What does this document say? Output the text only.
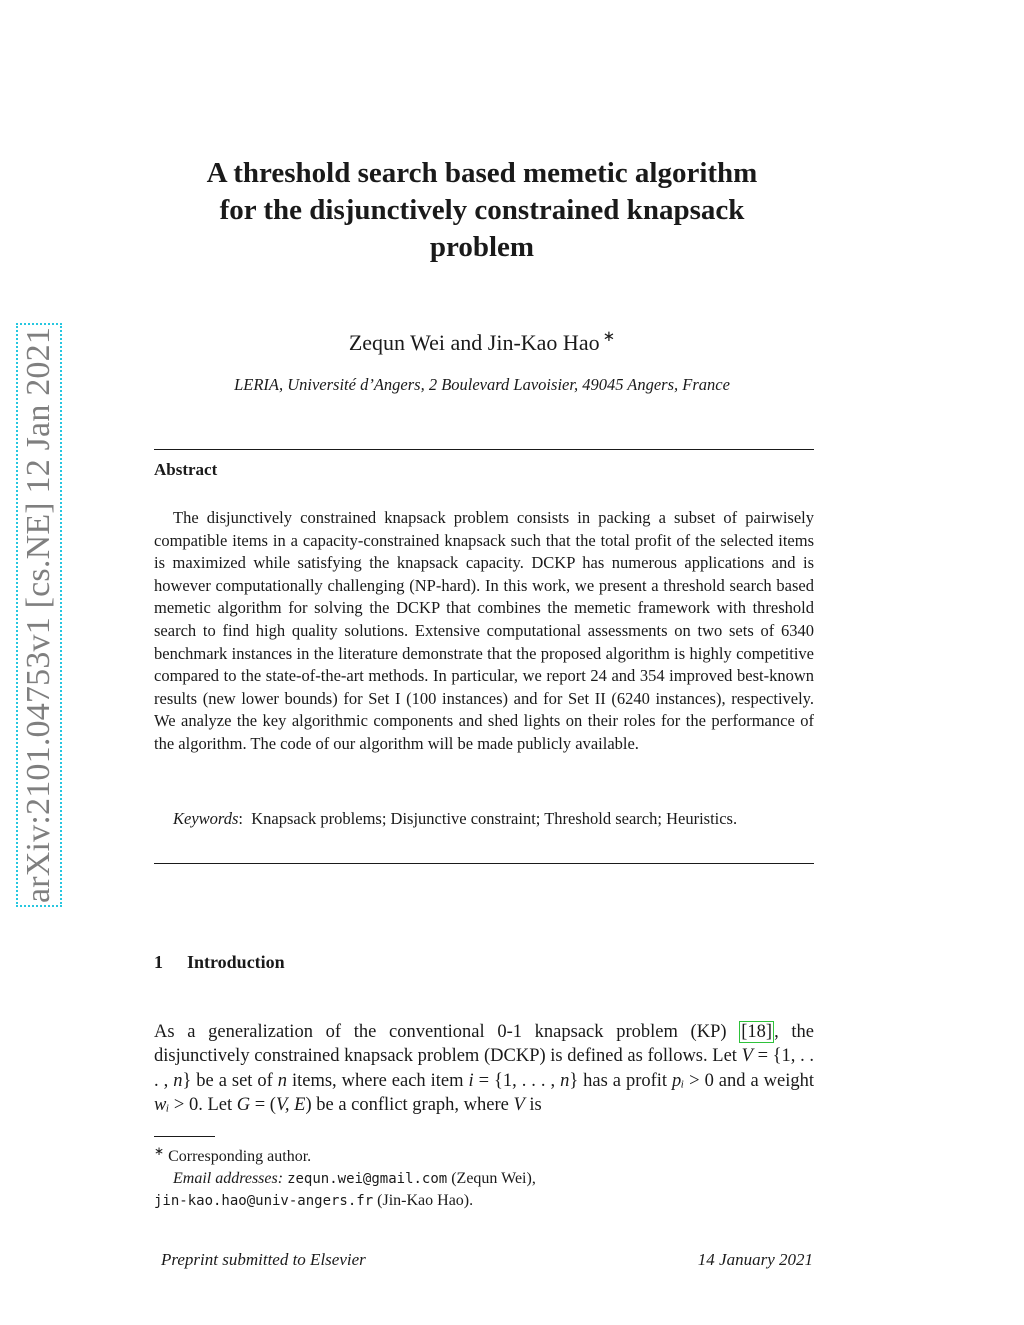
arXiv:2101.04753v1 [cs.NE] 12 Jan 2021
A threshold search based memetic algorithm
for the disjunctively constrained knapsack
problem
Zequn Wei and Jin-Kao Hao ∗
LERIA, Université d’Angers, 2 Boulevard Lavoisier, 49045 Angers, France
Abstract

The disjunctively constrained knapsack problem consists in packing a subset of pairwisely compatible items in a capacity-constrained knapsack such that the total profit of the selected items is maximized while satisfying the knapsack capacity. DCKP has numerous applications and is however computationally challenging (NP-hard). In this work, we present a threshold search based memetic algorithm for solving the DCKP that combines the memetic framework with threshold search to find high quality solutions. Extensive computational assessments on two sets of 6340 benchmark instances in the literature demonstrate that the proposed algorithm is highly competitive compared to the state-of-the-art methods. In particular, we report 24 and 354 improved best-known results (new lower bounds) for Set I (100 instances) and for Set II (6240 instances), respectively. We analyze the key algorithmic components and shed lights on their roles for the performance of the algorithm. The code of our algorithm will be made publicly available.

Keywords:  Knapsack problems; Disjunctive constraint; Threshold search; Heuristics.

1 Introduction

As a generalization of the conventional 0-1 knapsack problem (KP) [18] , the disjunctively constrained knapsack problem (DCKP) is defined as follows. Let V = {1, . . . , n} be a set of n items, where each item i = {1, . . . , n} has a profit pᵢ > 0 and a weight wᵢ > 0. Let G = (V, E) be a conflict graph, where V is

∗ Corresponding author.
Email addresses: zequn.wei@gmail.com (Zequn Wei),
jin-kao.hao@univ-angers.fr (Jin-Kao Hao).

Preprint submitted to Elsevier	14 January 2021
